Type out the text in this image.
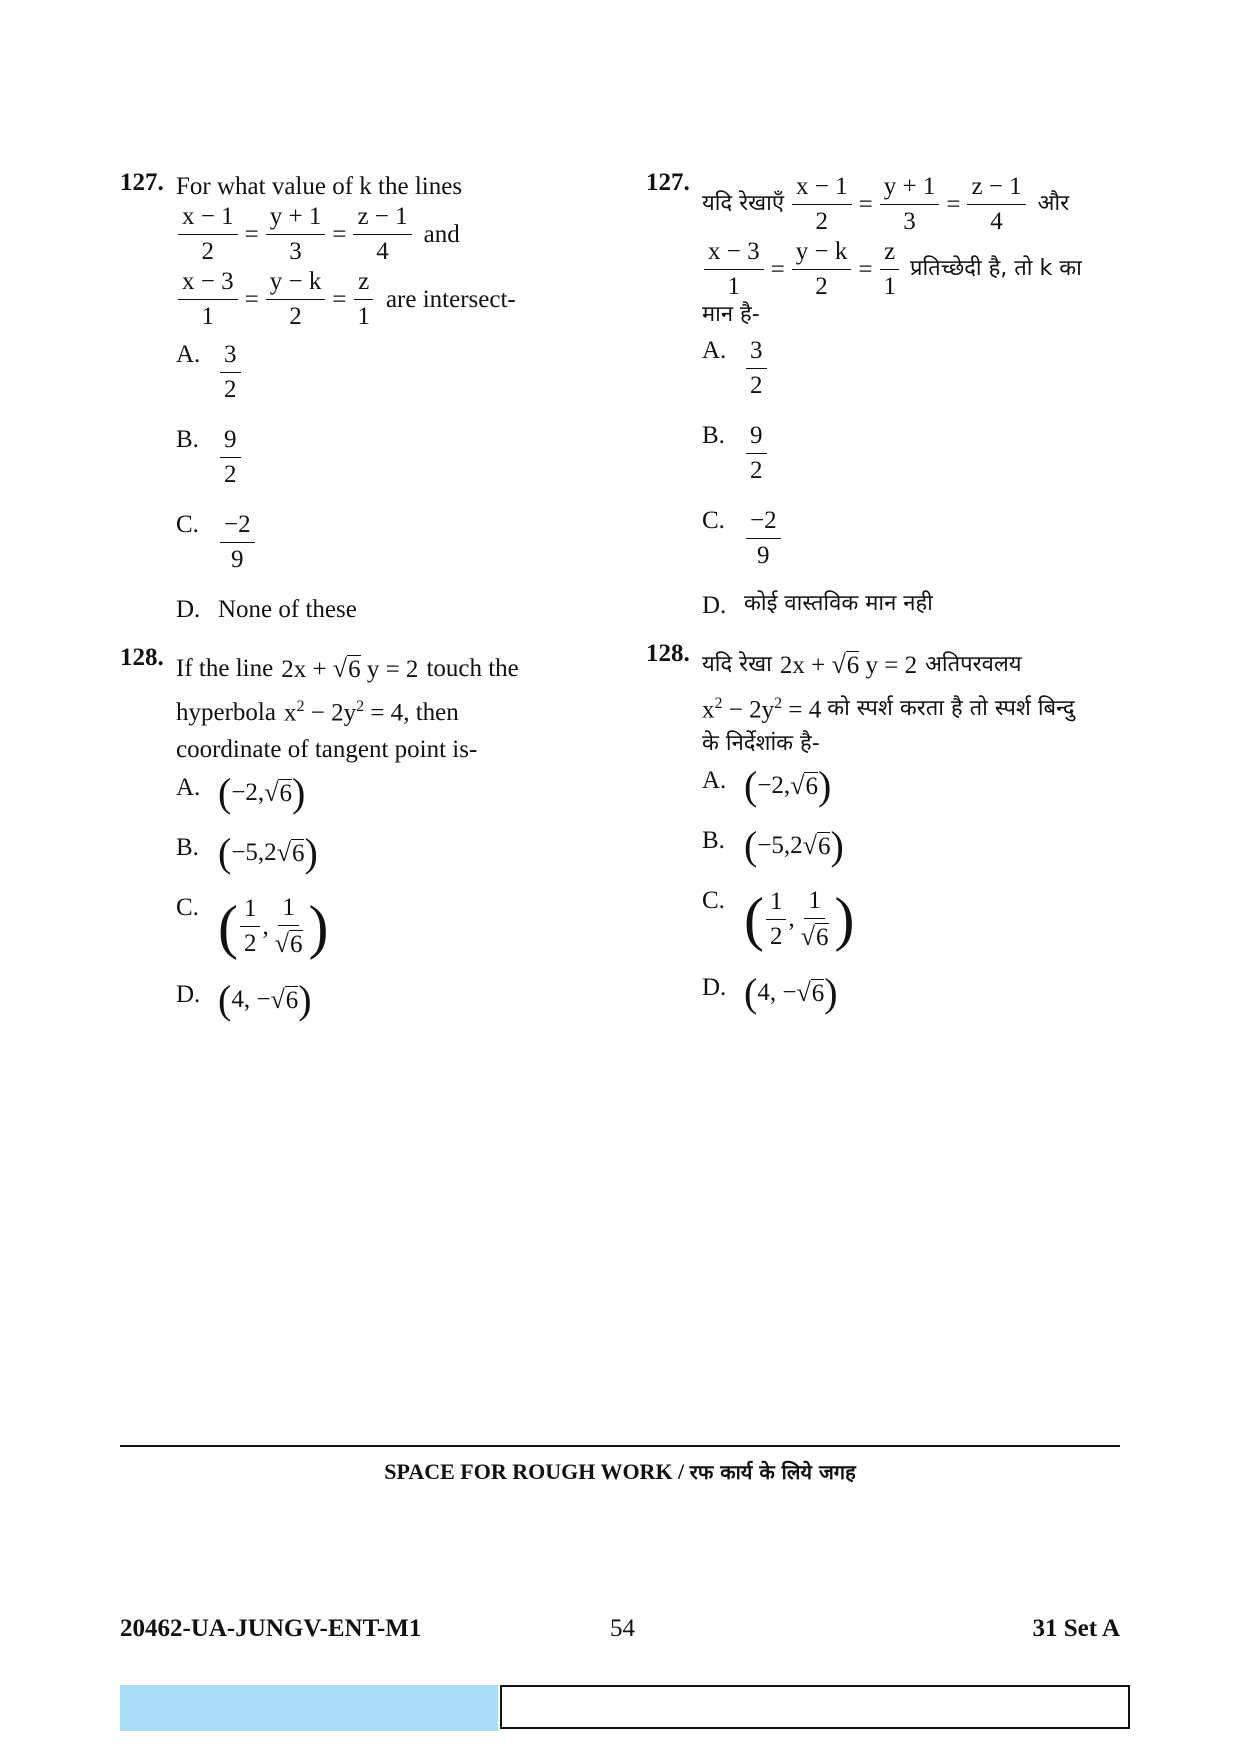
127. For what value of k the lines
$\frac{x - 1}{2} = \frac{y + 1}{3} = \frac{z - 1}{4}$ and
$\frac{x - 3}{1} = \frac{y - k}{2} = \frac{z}{1}$ are intersect-
A. $\frac{3}{2}$
B. $\frac{9}{2}$
C. $\frac{-2}{9}$
D. None of these
128. If the line 2x + √6 y = 2 touch the
hyperbola $x^2 - 2y^2 = 4$ , then
coordinate of tangent point is-
A. ( −2, √6 )
B. ( −5,2 √6 )
C. ( $\frac{1}{2}$ , $\frac{1}{√6}$ )
D. ( 4, − √6 )
127.
यदि रेखाएँ $\frac{x - 1}{2} = \frac{y + 1}{3} = \frac{z - 1}{4}$ और
$\frac{x - 3}{1} = \frac{y - k}{2} = \frac{z}{1}$ प्रतिच्छेदी है, तो k का
मान है-
A. $\frac{3}{2}$
B. $\frac{9}{2}$
C. $\frac{-2}{9}$
D. कोई वास्तविक मान नही
128. यदि रेखा 2x + √6 y = 2 अतिपरवलय
$x^2 - 2y^2 = 4$ को स्पर्श करता है तो स्पर्श बिन्दु
के निर्देशांक है-
A. ( −2, √6 )
B. ( −5,2 √6 )
C. ( $\frac{1}{2}$ , $\frac{1}{√6}$ )
D. ( 4, − √6 )
SPACE FOR ROUGH WORK / रफ कार्य के लिये जगह
20462-UA-JUNGV-ENT-M1	54	31 Set A
